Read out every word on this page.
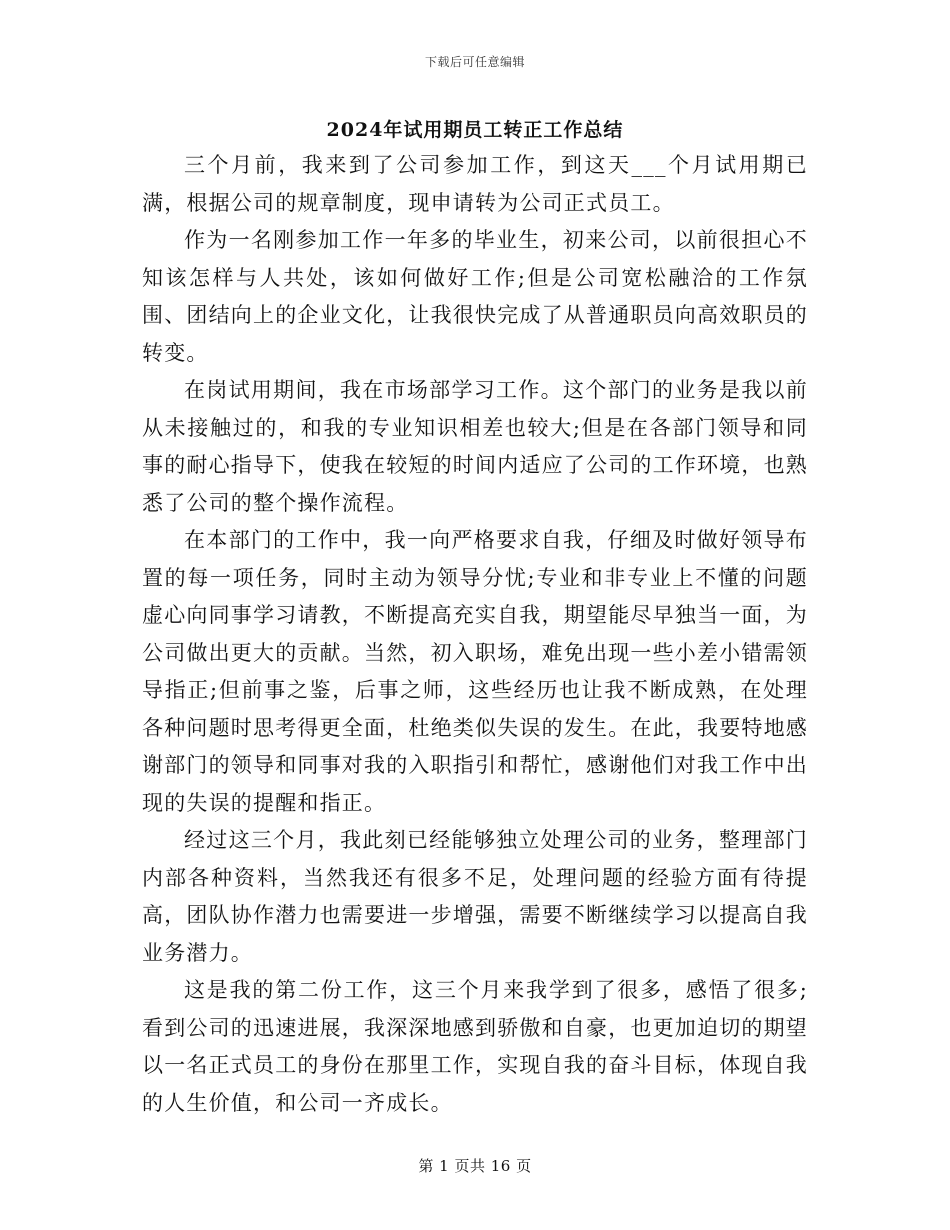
下载后可任意编辑
2024年试用期员工转正工作总结

三个月前，我来到了公司参加工作，到这天___个月试用期已满，根据公司的规章制度，现申请转为公司正式员工。

作为一名刚参加工作一年多的毕业生，初来公司，以前很担心不知该怎样与人共处，该如何做好工作;但是公司宽松融洽的工作氛围、团结向上的企业文化，让我很快完成了从普通职员向高效职员的转变。

在岗试用期间，我在市场部学习工作。这个部门的业务是我以前从未接触过的，和我的专业知识相差也较大;但是在各部门领导和同事的耐心指导下，使我在较短的时间内适应了公司的工作环境，也熟悉了公司的整个操作流程。

在本部门的工作中，我一向严格要求自我，仔细及时做好领导布置的每一项任务，同时主动为领导分忧;专业和非专业上不懂的问题虚心向同事学习请教，不断提高充实自我，期望能尽早独当一面，为公司做出更大的贡献。当然，初入职场，难免出现一些小差小错需领导指正;但前事之鉴，后事之师，这些经历也让我不断成熟，在处理各种问题时思考得更全面，杜绝类似失误的发生。在此，我要特地感谢部门的领导和同事对我的入职指引和帮忙，感谢他们对我工作中出现的失误的提醒和指正。

经过这三个月，我此刻已经能够独立处理公司的业务，整理部门内部各种资料，当然我还有很多不足，处理问题的经验方面有待提高，团队协作潜力也需要进一步增强，需要不断继续学习以提高自我业务潜力。

这是我的第二份工作，这三个月来我学到了很多，感悟了很多;看到公司的迅速进展，我深深地感到骄傲和自豪，也更加迫切的期望以一名正式员工的身份在那里工作，实现自我的奋斗目标，体现自我的人生价值，和公司一齐成长。

第 1 页共 16 页
